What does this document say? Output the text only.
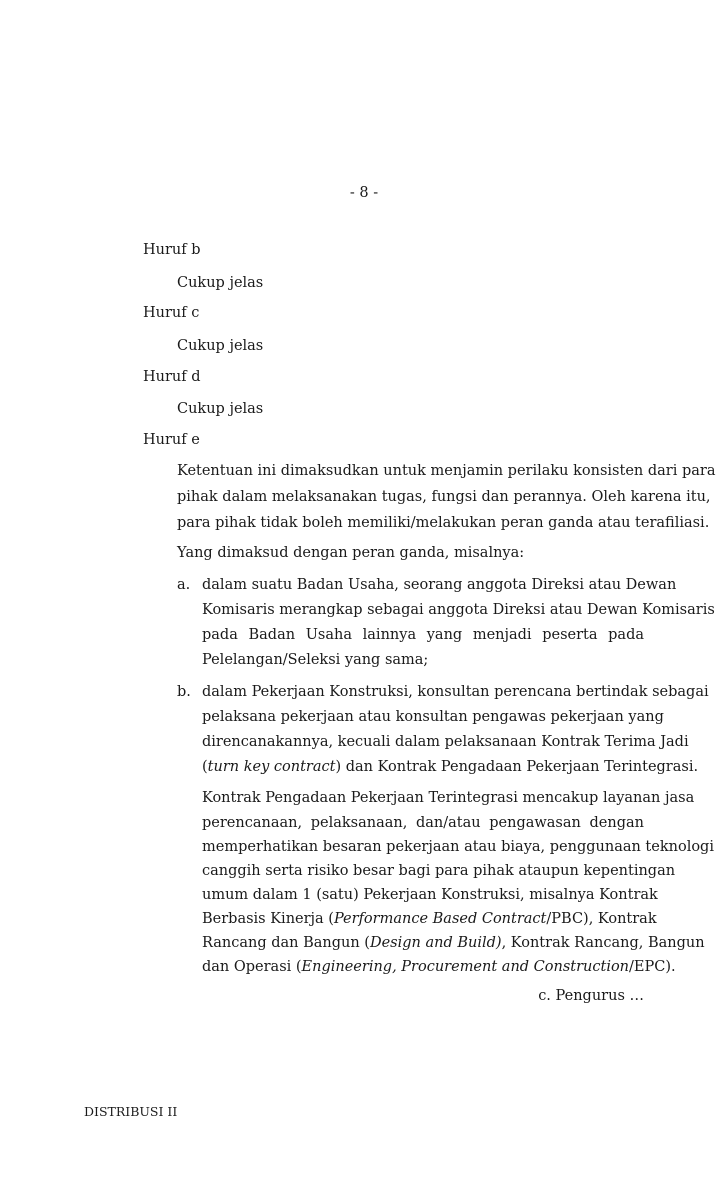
- 8 -
Huruf b
Cukup jelas
Huruf c
Cukup jelas
Huruf d
Cukup jelas
Huruf e
Ketentuan ini dimaksudkan untuk menjamin perilaku konsisten dari para
pihak dalam melaksanakan tugas, fungsi dan perannya. Oleh karena itu,
para pihak tidak boleh memiliki/melakukan peran ganda atau terafiliasi.
Yang dimaksud dengan peran ganda, misalnya:
a. dalam suatu Badan Usaha, seorang anggota Direksi atau Dewan
Komisaris merangkap sebagai anggota Direksi atau Dewan Komisaris
pada Badan Usaha lainnya yang menjadi peserta pada
Pelelangan/Seleksi yang sama;
b. dalam Pekerjaan Konstruksi, konsultan perencana bertindak sebagai
pelaksana pekerjaan atau konsultan pengawas pekerjaan yang
direncanakannya, kecuali dalam pelaksanaan Kontrak Terima Jadi
(turn key contract) dan Kontrak Pengadaan Pekerjaan Terintegrasi.
Kontrak Pengadaan Pekerjaan Terintegrasi mencakup layanan jasa
perencanaan, pelaksanaan, dan/atau pengawasan dengan
memperhatikan besaran pekerjaan atau biaya, penggunaan teknologi
canggih serta risiko besar bagi para pihak ataupun kepentingan
umum dalam 1 (satu) Pekerjaan Konstruksi, misalnya Kontrak
Berbasis Kinerja (Performance Based Contract/PBC), Kontrak
Rancang dan Bangun (Design and Build), Kontrak Rancang, Bangun
dan Operasi (Engineering, Procurement and Construction/EPC).
c. Pengurus …
DISTRIBUSI II
